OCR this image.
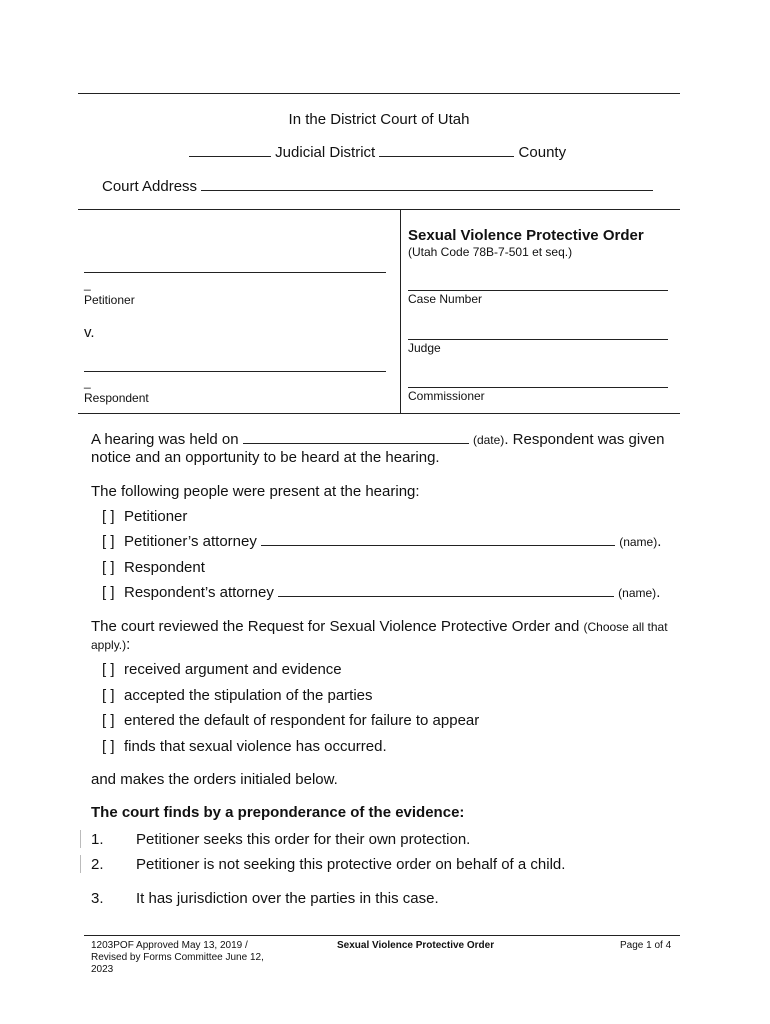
In the District Court of Utah
Judicial District	County
Court Address
_
Petitioner
v.
_
Respondent
Sexual Violence Protective Order
(Utah Code 78B-7-501 et seq.)
Case Number
Judge
Commissioner
A hearing was held on	(date). Respondent was given
notice and an opportunity to be heard at the hearing.
The following people were present at the hearing:
[ ] Petitioner
[ ] Petitioner’s attorney	(name).
[ ] Respondent
[ ] Respondent’s attorney	(name).
The court reviewed the Request for Sexual Violence Protective Order and (Choose all that
apply.):
[ ] received argument and evidence
[ ] accepted the stipulation of the parties
[ ] entered the default of respondent for failure to appear
[ ] finds that sexual violence has occurred.
and makes the orders initialed below.
The court finds by a preponderance of the evidence:
1. Petitioner seeks this order for their own protection.
2. Petitioner is not seeking this protective order on behalf of a child.
3. It has jurisdiction over the parties in this case.
1203POF Approved May 13, 2019 /
Revised by Forms Committee June 12,
2023
Sexual Violence Protective Order	Page 1 of 4
